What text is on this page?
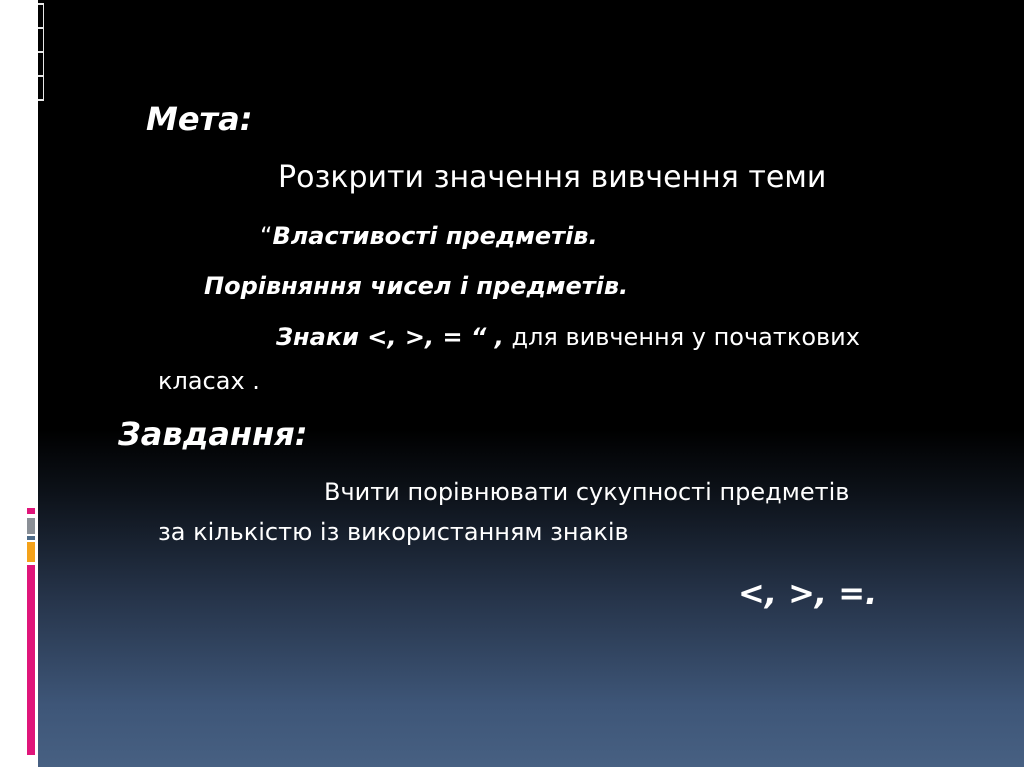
Мета:

Розкрити значення вивчення теми

“Властивості предметів.

Порівняння чисел і предметів.

Знаки <, >, = “ , для вивчення у початкових

класах .

Завдання:

Вчити порівнювати сукупності предметів

за кількістю із використанням знаків

<, >, =.
